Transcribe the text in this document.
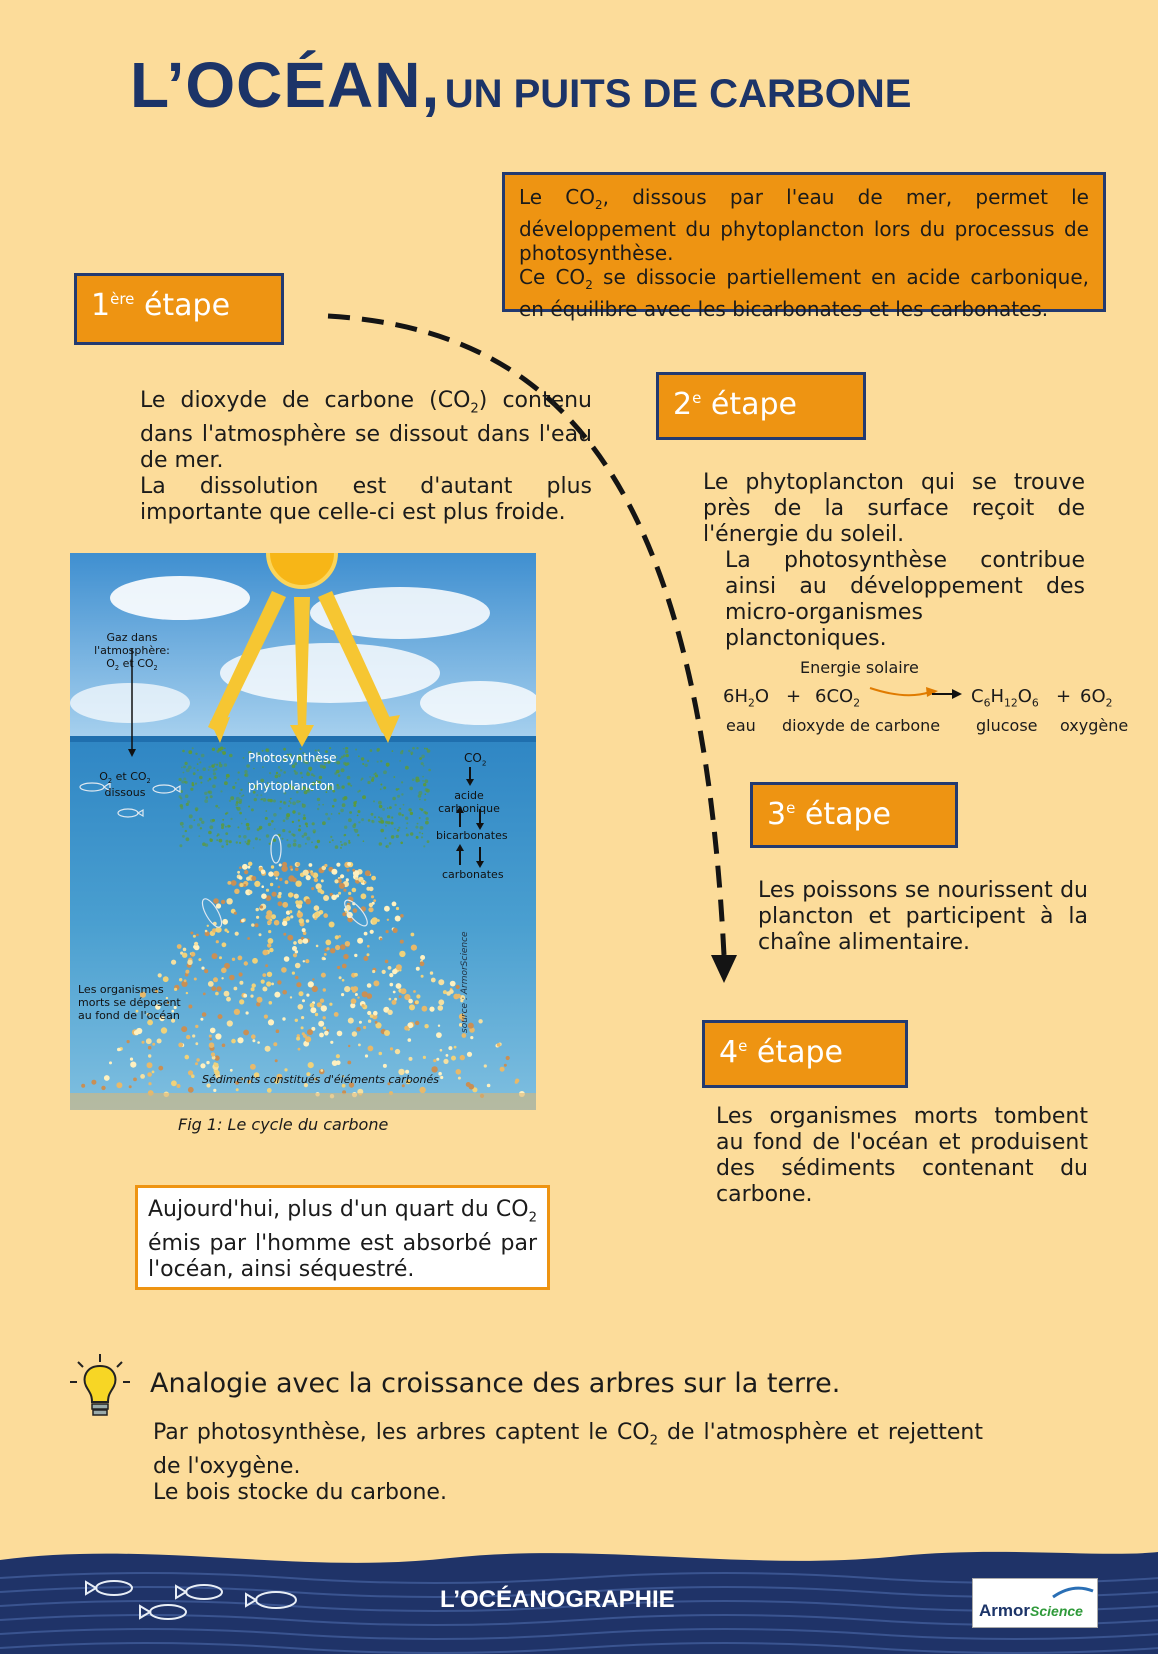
L’OCÉAN, UN PUITS DE CARBONE
Le $CO_2$, dissous par l'eau de mer, permet le développement du phytoplancton lors du processus de photosynthèse.
Ce $CO_2$ se dissocie partiellement en acide carbonique, en équilibre avec les bicarbonates et les carbonates.
1ère étape
Le dioxyde de carbone $(CO_2)$ contenu dans l'atmosphère se dissout dans l'eau de mer.
La dissolution est d'autant plus importante que celle-ci est plus froide.
2e étape
Le phytoplancton qui se trouve près de la surface reçoit de l'énergie du soleil.
La photosynthèse contribue ainsi au développement des micro-organismes planctoniques.
Energie solaire
$6H_2O + 6CO_2$	$C_6H_{12}O_6 + 6O_2$
eau dioxyde de carbone glucose oxygène
3e étape
Les poissons se nourissent du plancton et participent à la chaîne alimentaire.
4e étape
Les organismes morts tombent au fond de l'océan et produisent des sédiments contenant du carbone.
Gaz dans
l'atmosphère:
$O_2$ et $CO_2$
$O_2$ et $CO_2$
dissous
Photosynthèse
phytoplancton
$CO_2$
acide
carbonique
bicarbonates
carbonates
Les organismes
morts se déposent
au fond de l'océan
Sédiments constitués d'éléments carbonés
source : ArmorScience
Fig 1: Le cycle du carbone
Aujourd'hui, plus d'un quart du $CO_2$ émis par l'homme est absorbé par l'océan, ainsi séquestré.
Analogie avec la croissance des arbres sur la terre.
Par photosynthèse, les arbres captent le $CO_2$ de l'atmosphère et rejettent de l'oxygène.
Le bois stocke du carbone.
L’OCÉANOGRAPHIE	ArmorScience
